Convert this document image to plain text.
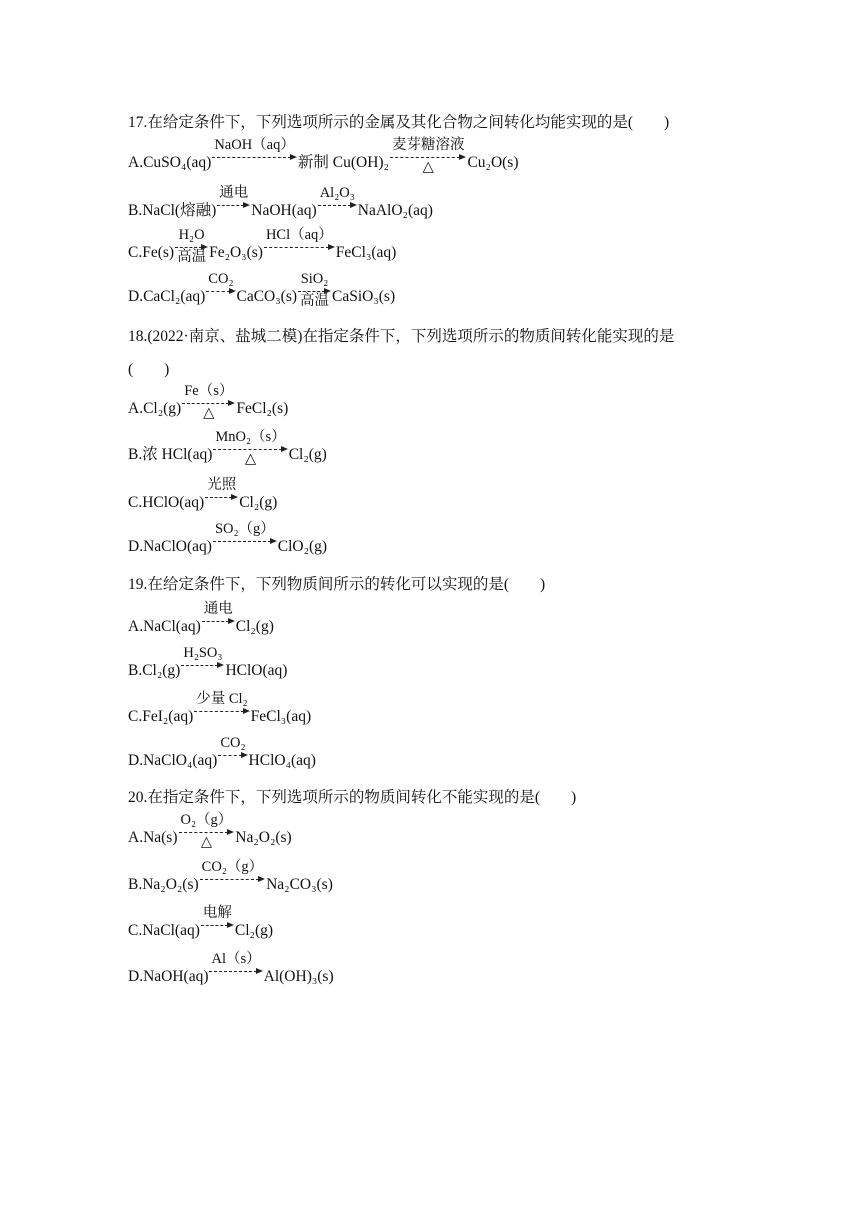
17.在给定条件下，下列选项所示的金属及其化合物之间转化均能实现的是(　　)
A.CuSO₄(aq)
NaOH（aq）
新制 Cu(OH)₂
麦芽糖溶液
△ Cu₂O(s)
B.NaCl(熔融)
通电
NaOH(aq)
Al₂O₃
NaAlO₂(aq)
C.Fe(s)
H₂O
高温 Fe₂O₃(s)
HCl（aq）
FeCl₃(aq)
D.CaCl₂(aq)
CO₂
CaCO₃(s)
SiO₂
高温 CaSiO₃(s)
18.(2022·南京、盐城二模)在指定条件下，下列选项所示的物质间转化能实现的是
(　　)
A.Cl₂(g)
Fe（s）
△ FeCl₂(s)
B.浓 HCl(aq)
MnO₂（s）
△ Cl₂(g)
C.HClO(aq)
光照
Cl₂(g)
D.NaClO(aq)
SO₂（g）
ClO₂(g)
19.在给定条件下，下列物质间所示的转化可以实现的是(　　)
A.NaCl(aq)
通电
Cl₂(g)
B.Cl₂(g)
H₂SO₃
HClO(aq)
C.FeI₂(aq)
少量 Cl₂
FeCl₃(aq)
D.NaClO₄(aq)
CO₂
HClO₄(aq)
20.在指定条件下，下列选项所示的物质间转化不能实现的是(　　)
A.Na(s)
O₂（g）
△ Na₂O₂(s)
B.Na₂O₂(s)
CO₂（g）
Na₂CO₃(s)
C.NaCl(aq)
电解
Cl₂(g)
D.NaOH(aq)
Al（s）
Al(OH)₃(s)
